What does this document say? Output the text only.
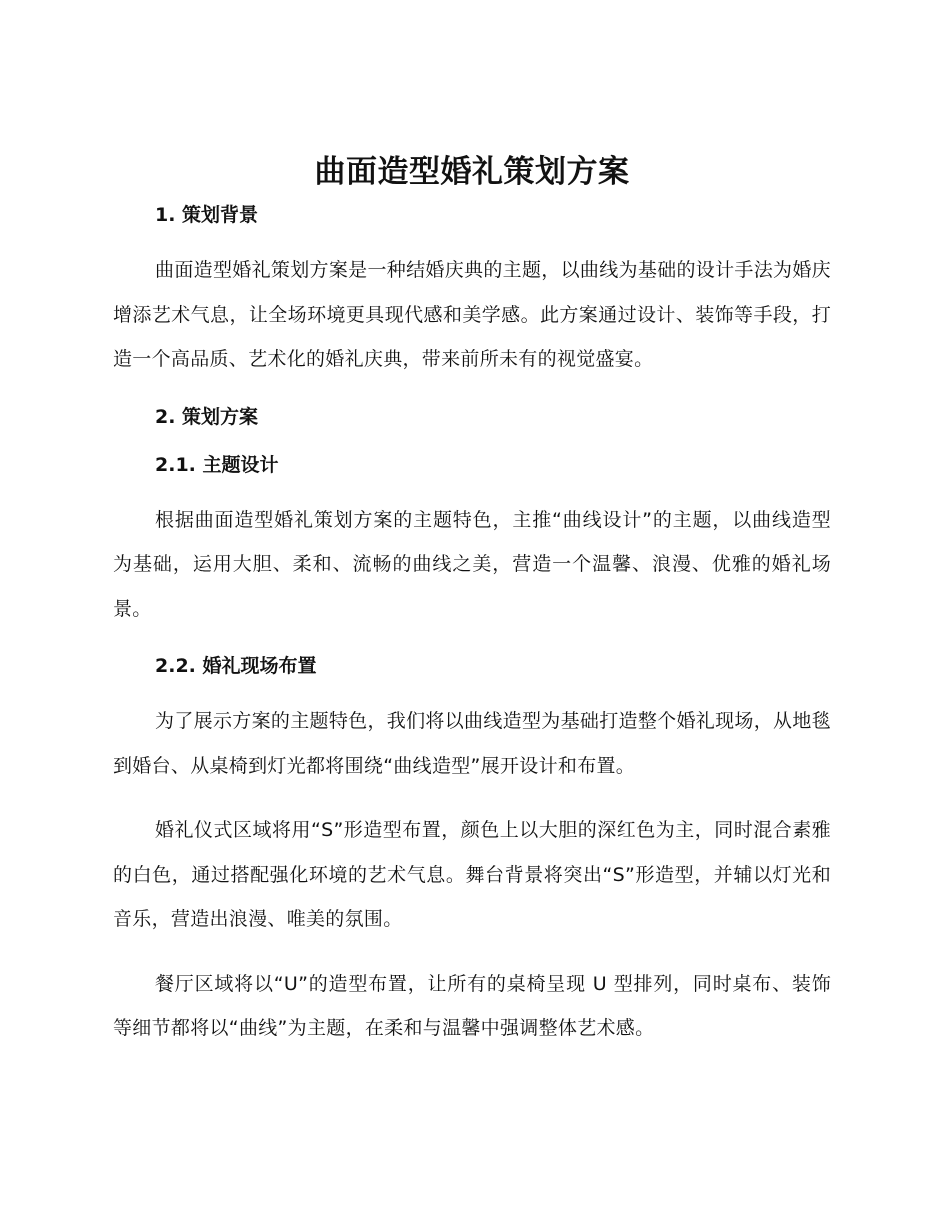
曲面造型婚礼策划方案
1. 策划背景
曲面造型婚礼策划方案是一种结婚庆典的主题，以曲线为基础的设计手法为婚庆增添艺术气息，让全场环境更具现代感和美学感。此方案通过设计、装饰等手段，打造一个高品质、艺术化的婚礼庆典，带来前所未有的视觉盛宴。
2. 策划方案
2.1. 主题设计
根据曲面造型婚礼策划方案的主题特色，主推“曲线设计”的主题，以曲线造型为基础，运用大胆、柔和、流畅的曲线之美，营造一个温馨、浪漫、优雅的婚礼场景。
2.2. 婚礼现场布置
为了展示方案的主题特色，我们将以曲线造型为基础打造整个婚礼现场，从地毯到婚台、从桌椅到灯光都将围绕“曲线造型”展开设计和布置。
婚礼仪式区域将用“S”形造型布置，颜色上以大胆的深红色为主，同时混合素雅的白色，通过搭配强化环境的艺术气息。舞台背景将突出“S”形造型，并辅以灯光和音乐，营造出浪漫、唯美的氛围。
餐厅区域将以“U”的造型布置，让所有的桌椅呈现 U 型排列，同时桌布、装饰等细节都将以“曲线”为主题，在柔和与温馨中强调整体艺术感。
